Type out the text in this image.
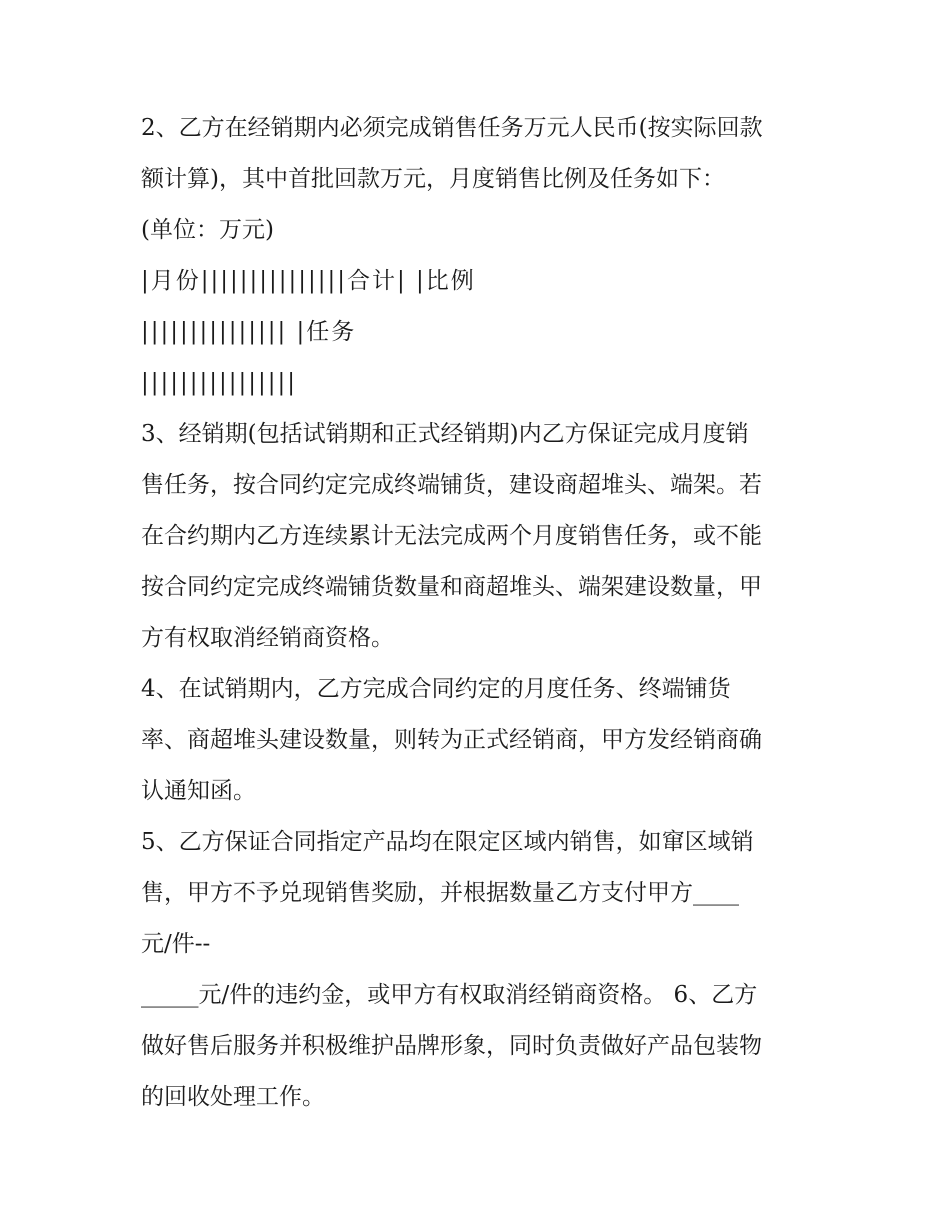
2、乙方在经销期内必须完成销售任务万元人民币(按实际回款
额计算)，其中首批回款万元，月度销售比例及任务如下：
(单位：万元)
|月份|||||||||||||||合计| |比例
||||||||||||||| |任务
||||||||||||||||
3、经销期(包括试销期和正式经销期)内乙方保证完成月度销
售任务，按合同约定完成终端铺货，建设商超堆头、端架。若
在合约期内乙方连续累计无法完成两个月度销售任务，或不能
按合同约定完成终端铺货数量和商超堆头、端架建设数量，甲
方有权取消经销商资格。
4、在试销期内，乙方完成合同约定的月度任务、终端铺货
率、商超堆头建设数量，则转为正式经销商，甲方发经销商确
认通知函。
5、乙方保证合同指定产品均在限定区域内销售，如窜区域销
售，甲方不予兑现销售奖励，并根据数量乙方支付甲方____
元/件--
_____元/件的违约金，或甲方有权取消经销商资格。 6、乙方
做好售后服务并积极维护品牌形象，同时负责做好产品包装物
的回收处理工作。
